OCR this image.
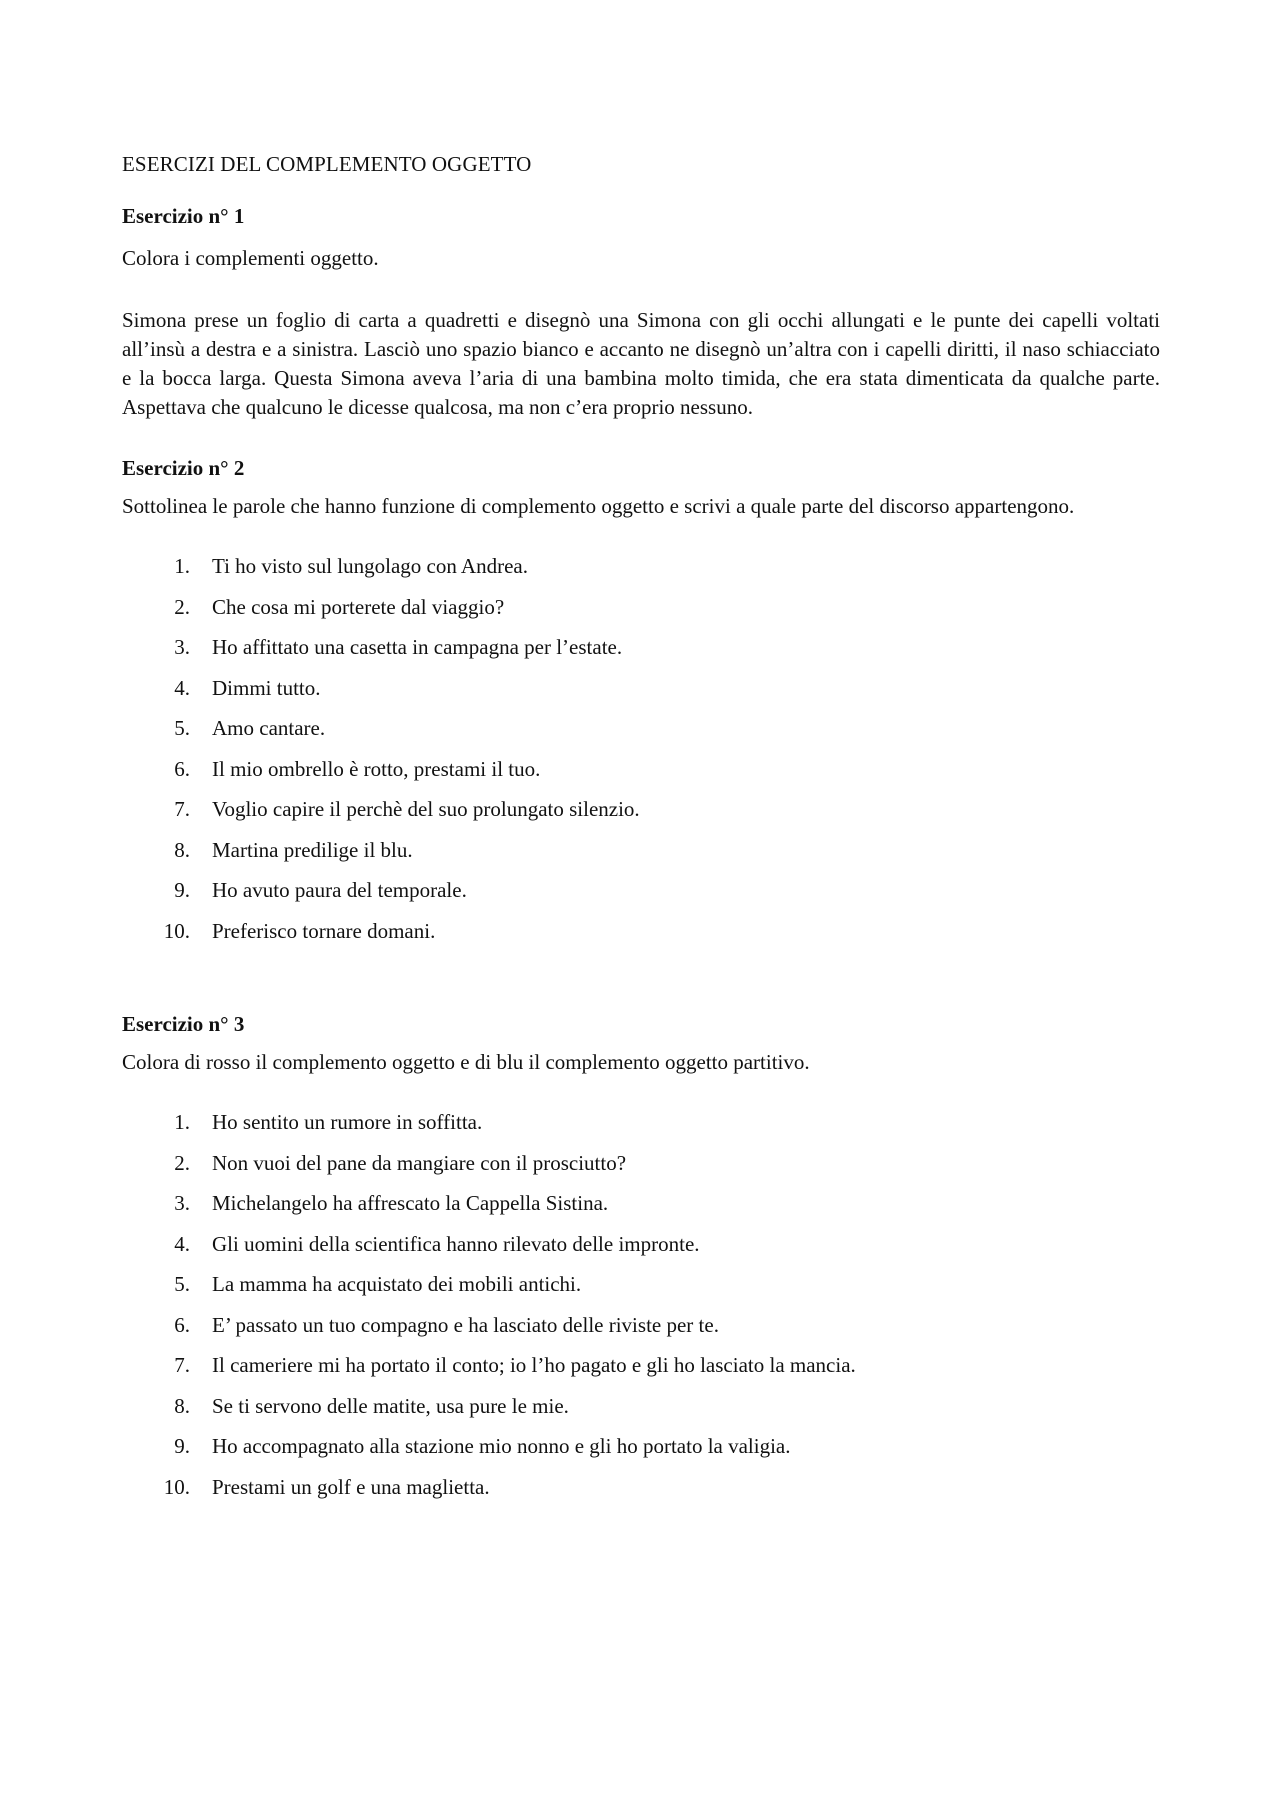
ESERCIZI DEL COMPLEMENTO OGGETTO
Esercizio n° 1

Colora i complementi oggetto.

Simona prese un foglio di carta a quadretti e disegnò una Simona con gli occhi allungati e le punte dei capelli voltati all’insù a destra e a sinistra. Lasciò uno spazio bianco e accanto ne disegnò un’altra con i capelli diritti, il naso schiacciato e la bocca larga. Questa Simona aveva l’aria di una bambina molto timida, che era stata dimenticata da qualche parte. Aspettava che qualcuno le dicesse qualcosa, ma non c’era proprio nessuno.

Esercizio n° 2

Sottolinea le parole che hanno funzione di complemento oggetto e scrivi a quale parte del discorso appartengono.

1.	Ti ho visto sul lungolago con Andrea.
2.	Che cosa mi porterete dal viaggio?
3.	Ho affittato una casetta in campagna per l’estate.
4.	Dimmi tutto.
5.	Amo cantare.
6.	Il mio ombrello è rotto, prestami il tuo.
7.	Voglio capire il perchè del suo prolungato silenzio.
8.	Martina predilige il blu.
9.	Ho avuto paura del temporale.
10.	Preferisco tornare domani.
Esercizio n° 3

Colora di rosso il complemento oggetto e di blu il complemento oggetto partitivo.

1.	Ho sentito un rumore in soffitta.
2.	Non vuoi del pane da mangiare con il prosciutto?
3.	Michelangelo ha affrescato la Cappella Sistina.
4.	Gli uomini della scientifica hanno rilevato delle impronte.
5.	La mamma ha acquistato dei mobili antichi.
6.	E’ passato un tuo compagno e ha lasciato delle riviste per te.
7.	Il cameriere mi ha portato il conto; io l’ho pagato e gli ho lasciato la mancia.
8.	Se ti servono delle matite, usa pure le mie.
9.	Ho accompagnato alla stazione mio nonno e gli ho portato la valigia.
10.	Prestami un golf e una maglietta.
